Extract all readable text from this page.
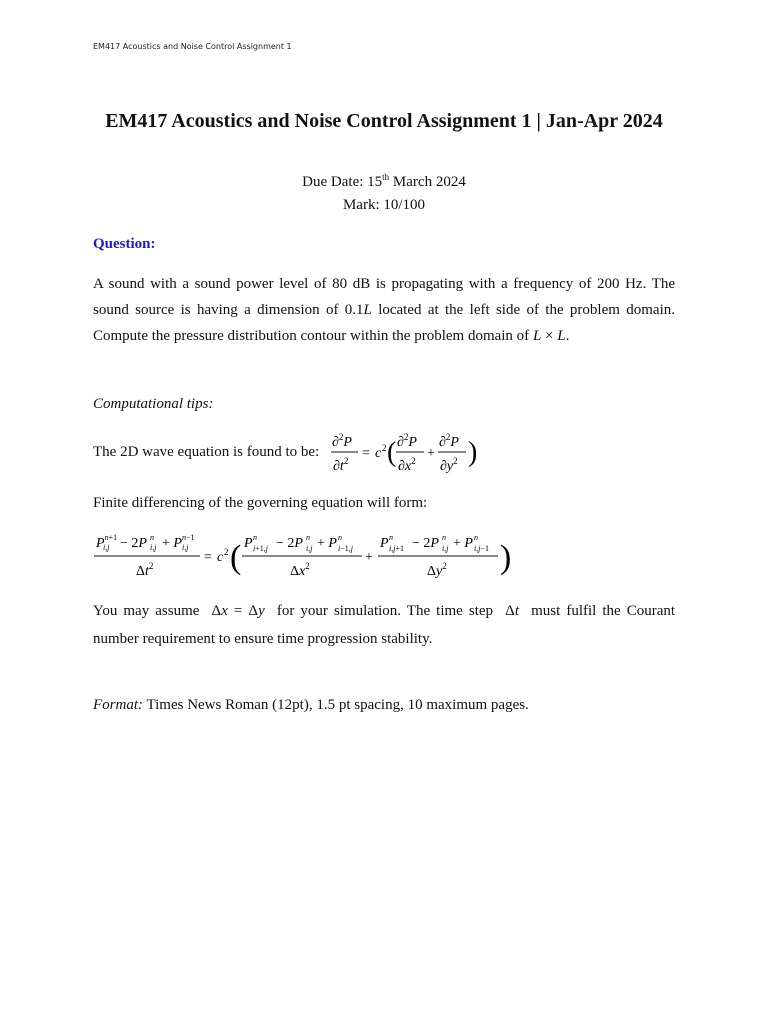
EM417 Acoustics and Noise Control Assignment 1
EM417 Acoustics and Noise Control Assignment 1 | Jan-Apr 2024
Due Date: 15th March 2024
Mark: 10/100
Question:
A sound with a sound power level of 80 dB is propagating with a frequency of 200 Hz. The sound source is having a dimension of 0.1L located at the left side of the problem domain. Compute the pressure distribution contour within the problem domain of L × L.
Computational tips:
The 2D wave equation is found to be:
∂$^2$P
$\partial t^2 = c$ 2 ( ∂$^2$P
$\partial x^2$ +
∂$^2$P
$\partial y^2$ )
Finite differencing of the governing equation will form:
$P^n+1$
i,j − 2P n
i,j + P n−1
i,j
$\Delta t^2$
= c 2 ( P n
i+1,j − 2P n
i,j + P n
i−1,j
$\Delta x^2$
+
P n
i,j+1 − 2P n
i,j + P n
i,j−1
$\Delta y^2$ )
You may assume  Δx = Δy for your simulation. The time step  Δt must fulfil the Courant number requirement to ensure time progression stability.
Format: Times News Roman (12pt), 1.5 pt spacing, 10 maximum pages.
